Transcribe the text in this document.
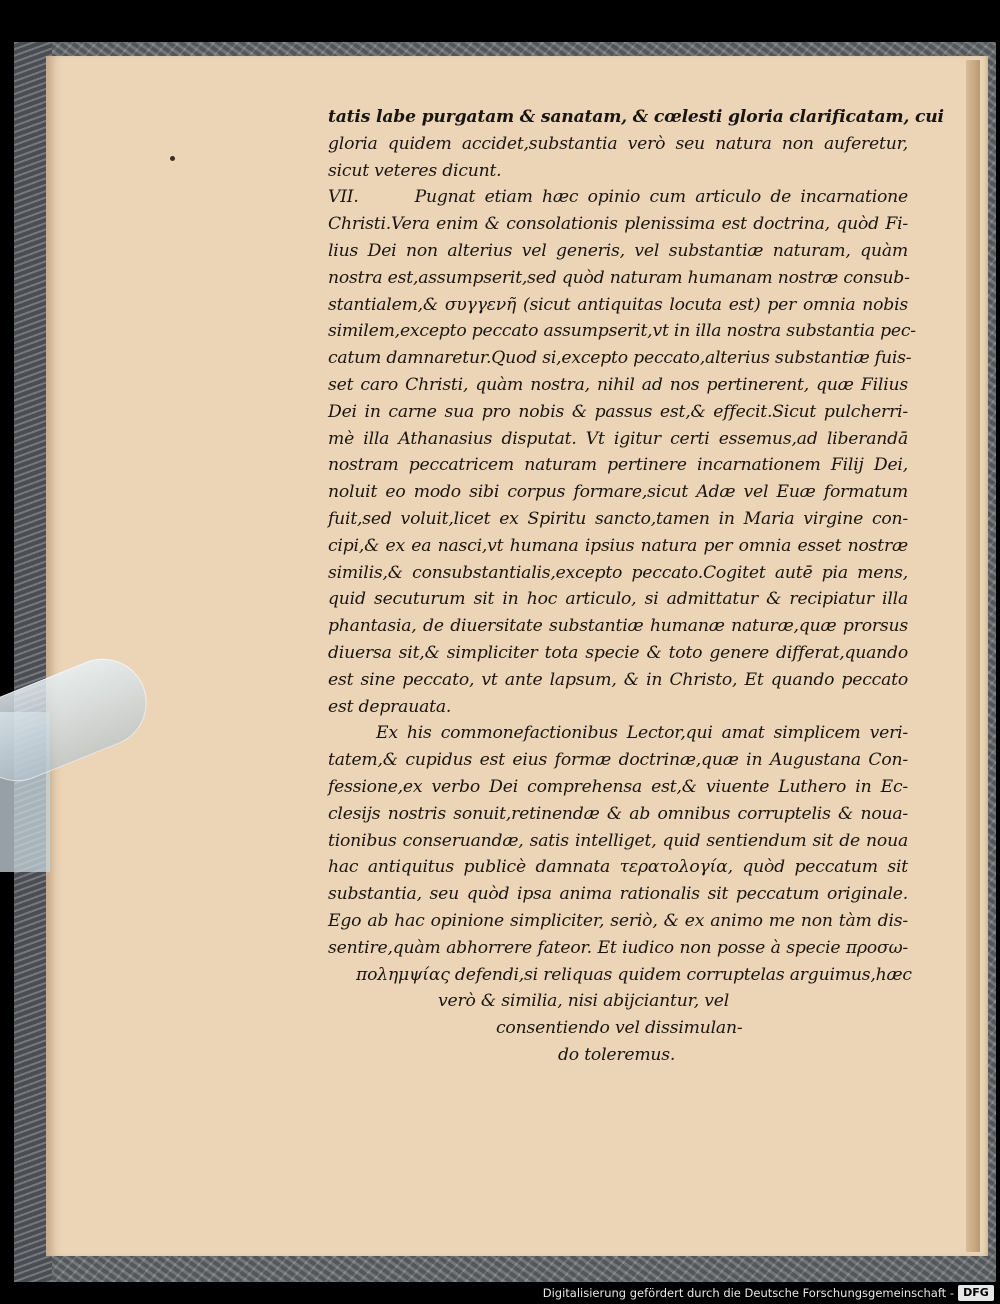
tatis labe purgatam & sanatam, & cœlesti gloria clarificatam, cui
gloria quidem accidet,substantia verò seu natura non auferetur,
sicut veteres dicunt.
VII.      Pugnat etiam hæc opinio cum articulo de incarnatione
Christi.Vera enim & consolationis plenissima est doctrina, quòd Fi-
lius Dei non alterius vel generis, vel substantiæ naturam, quàm
nostra est,assumpserit,sed quòd naturam humanam nostræ consub-
stantialem,& συγγενῆ (sicut antiquitas locuta est) per omnia nobis
similem,excepto peccato assumpserit,vt in illa nostra substantia pec-
catum damnaretur.Quod si,excepto peccato,alterius substantiæ fuis-
set caro Christi, quàm nostra, nihil ad nos pertinerent, quæ Filius
Dei in carne sua pro nobis & passus est,& effecit.Sicut pulcherri-
mè illa Athanasius disputat. Vt igitur certi essemus,ad liberandā
nostram peccatricem naturam pertinere incarnationem Filij Dei,
noluit eo modo sibi corpus formare,sicut Adæ vel Euæ formatum
fuit,sed voluit,licet ex Spiritu sancto,tamen in Maria virgine con-
cipi,& ex ea nasci,vt humana ipsius natura per omnia esset nostræ
similis,& consubstantialis,excepto peccato.Cogitet autē pia mens,
quid secuturum sit in hoc articulo, si admittatur & recipiatur illa
phantasia, de diuersitate substantiæ humanæ naturæ,quæ prorsus
diuersa sit,& simpliciter tota specie & toto genere differat,quando
est sine peccato, vt ante lapsum, & in Christo, Et quando peccato
est deprauata.
Ex his commonefactionibus Lector,qui amat simplicem veri-
tatem,& cupidus est eius formæ doctrinæ,quæ in Augustana Con-
fessione,ex verbo Dei comprehensa est,& viuente Luthero in Ec-
clesijs nostris sonuit,retinendæ & ab omnibus corruptelis & noua-
tionibus conseruandæ, satis intelliget, quid sentiendum sit de noua
hac antiquitus publicè damnata τερατολογία, quòd peccatum sit
substantia, seu quòd ipsa anima rationalis sit peccatum originale.
Ego ab hac opinione simpliciter, seriò, & ex animo me non tàm dis-
sentire,quàm abhorrere fateor. Et iudico non posse à specie προσω-
πολημψίας defendi,si reliquas quidem corruptelas arguimus,hæc
verò & similia, nisi abijciantur, vel
consentiendo vel dissimulan-
do toleremus.
Digitalisierung gefördert durch die Deutsche Forschungsgemeinschaft - DFG
